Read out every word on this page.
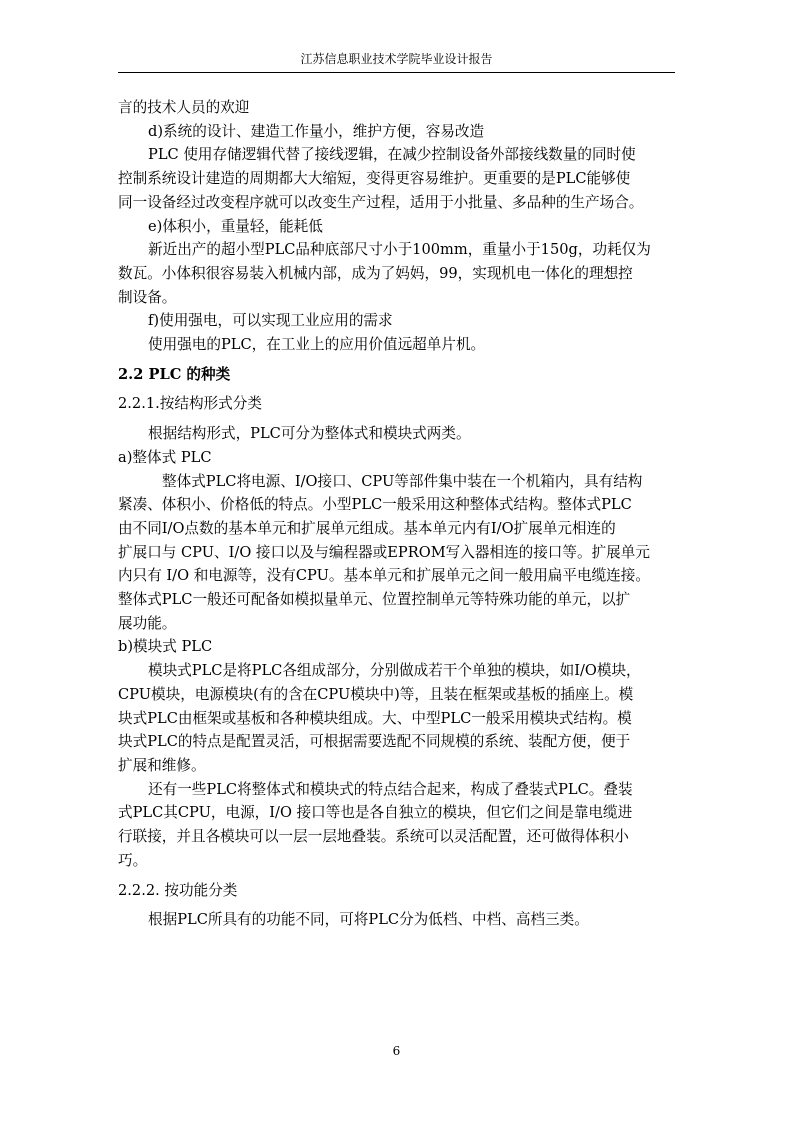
江苏信息职业技术学院毕业设计报告

言的技术人员的欢迎

d)系统的设计、建造工作量小，维护方便，容易改造

PLC 使用存储逻辑代替了接线逻辑，在减少控制设备外部接线数量的同时使

控制系统设计建造的周期都大大缩短，变得更容易维护。更重要的是PLC能够使

同一设备经过改变程序就可以改变生产过程，适用于小批量、多品种的生产场合。

e)体积小，重量轻，能耗低

新近出产的超小型PLC品种底部尺寸小于100mm，重量小于150g，功耗仅为

数瓦。小体积很容易装入机械内部，成为了妈妈，99，实现机电一体化的理想控

制设备。

f)使用强电，可以实现工业应用的需求

使用强电的PLC，在工业上的应用价值远超单片机。

2.2 PLC 的种类

2.2.1.按结构形式分类

根据结构形式，PLC可分为整体式和模块式两类。

a)整体式 PLC

整体式PLC将电源、I/O接口、CPU等部件集中装在一个机箱内，具有结构

紧凑、体积小、价格低的特点。小型PLC一般采用这种整体式结构。整体式PLC

由不同I/O点数的基本单元和扩展单元组成。基本单元内有I/O扩展单元相连的

扩展口与 CPU、I/O 接口以及与编程器或EPROM写入器相连的接口等。扩展单元

内只有 I/O 和电源等，没有CPU。基本单元和扩展单元之间一般用扁平电缆连接。

整体式PLC一般还可配备如模拟量单元、位置控制单元等特殊功能的单元，以扩

展功能。

b)模块式 PLC

模块式PLC是将PLC各组成部分，分别做成若干个单独的模块，如I/O模块，

CPU模块，电源模块(有的含在CPU模块中)等，且装在框架或基板的插座上。模

块式PLC由框架或基板和各种模块组成。大、中型PLC一般采用模块式结构。模

块式PLC的特点是配置灵活，可根据需要选配不同规模的系统、装配方便，便于

扩展和维修。

还有一些PLC将整体式和模块式的特点结合起来，构成了叠装式PLC。叠装

式PLC其CPU，电源，I/O 接口等也是各自独立的模块，但它们之间是靠电缆进

行联接，并且各模块可以一层一层地叠装。系统可以灵活配置，还可做得体积小

巧。

2.2.2. 按功能分类

根据PLC所具有的功能不同，可将PLC分为低档、中档、高档三类。

6
